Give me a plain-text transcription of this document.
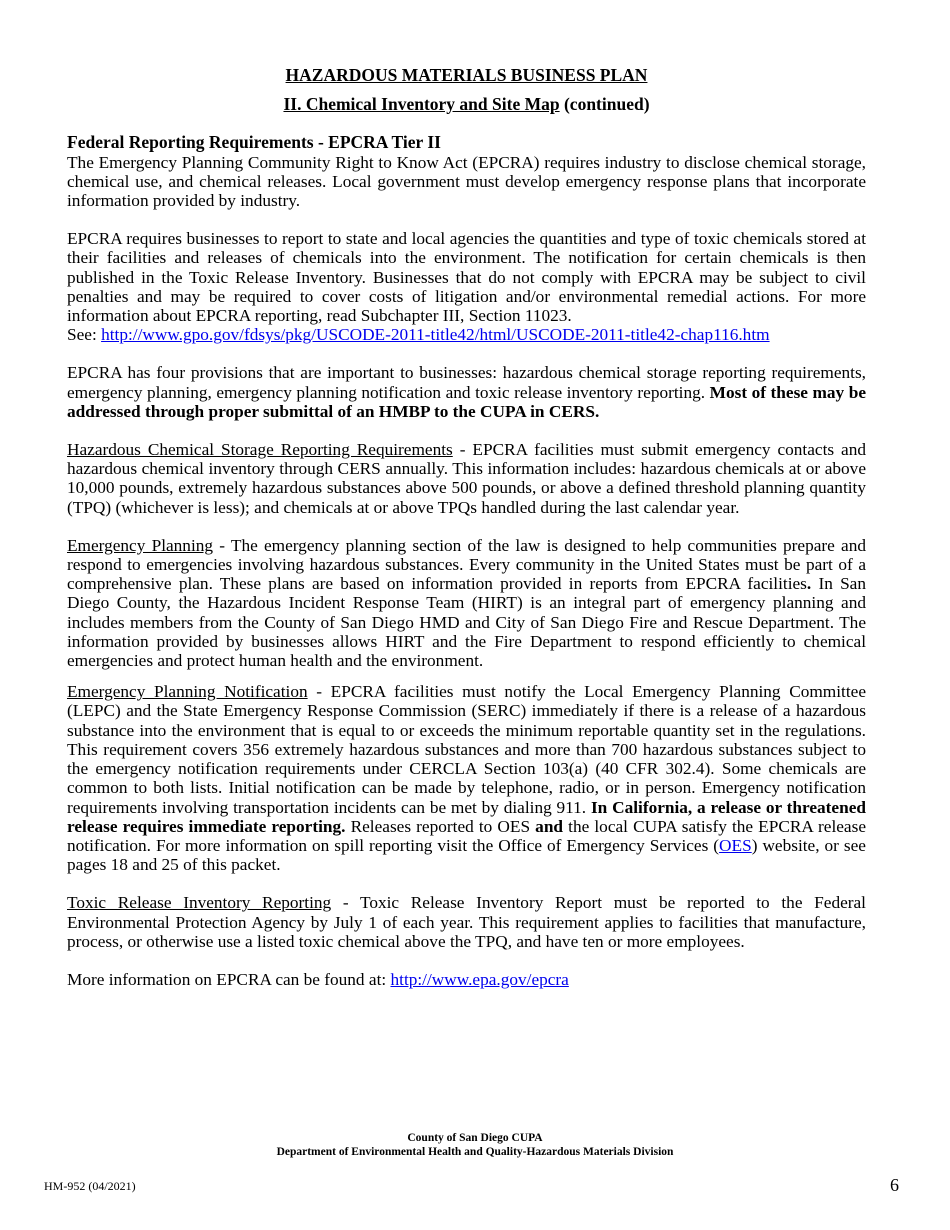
HAZARDOUS MATERIALS BUSINESS PLAN

II. Chemical Inventory and Site Map (continued)

Federal Reporting Requirements - EPCRA Tier II

The Emergency Planning Community Right to Know Act (EPCRA) requires industry to disclose chemical storage, chemical use, and chemical releases. Local government must develop emergency response plans that incorporate information provided by industry.

EPCRA requires businesses to report to state and local agencies the quantities and type of toxic chemicals stored at their facilities and releases of chemicals into the environment. The notification for certain chemicals is then published in the Toxic Release Inventory. Businesses that do not comply with EPCRA may be subject to civil penalties and may be required to cover costs of litigation and/or environmental remedial actions. For more information about EPCRA reporting, read Subchapter III, Section 11023.
See: http://www.gpo.gov/fdsys/pkg/USCODE-2011-title42/html/USCODE-2011-title42-chap116.htm

EPCRA has four provisions that are important to businesses: hazardous chemical storage reporting requirements, emergency planning, emergency planning notification and toxic release inventory reporting. Most of these may be addressed through proper submittal of an HMBP to the CUPA in CERS.

Hazardous Chemical Storage Reporting Requirements - EPCRA facilities must submit emergency contacts and hazardous chemical inventory through CERS annually. This information includes: hazardous chemicals at or above 10,000 pounds, extremely hazardous substances above 500 pounds, or above a defined threshold planning quantity (TPQ) (whichever is less); and chemicals at or above TPQs handled during the last calendar year.

Emergency Planning - The emergency planning section of the law is designed to help communities prepare and respond to emergencies involving hazardous substances. Every community in the United States must be part of a comprehensive plan. These plans are based on information provided in reports from EPCRA facilities. In San Diego County, the Hazardous Incident Response Team (HIRT) is an integral part of emergency planning and includes members from the County of San Diego HMD and City of San Diego Fire and Rescue Department. The information provided by businesses allows HIRT and the Fire Department to respond efficiently to chemical emergencies and protect human health and the environment.

Emergency Planning Notification - EPCRA facilities must notify the Local Emergency Planning Committee (LEPC) and the State Emergency Response Commission (SERC) immediately if there is a release of a hazardous substance into the environment that is equal to or exceeds the minimum reportable quantity set in the regulations. This requirement covers 356 extremely hazardous substances and more than 700 hazardous substances subject to the emergency notification requirements under CERCLA Section 103(a) (40 CFR 302.4). Some chemicals are common to both lists. Initial notification can be made by telephone, radio, or in person. Emergency notification requirements involving transportation incidents can be met by dialing 911. In California, a release or threatened release requires immediate reporting. Releases reported to OES and the local CUPA satisfy the EPCRA release notification. For more information on spill reporting visit the Office of Emergency Services (OES) website, or see pages 18 and 25 of this packet.

Toxic Release Inventory Reporting - Toxic Release Inventory Report must be reported to the Federal Environmental Protection Agency by July 1 of each year. This requirement applies to facilities that manufacture, process, or otherwise use a listed toxic chemical above the TPQ, and have ten or more employees.

More information on EPCRA can be found at: http://www.epa.gov/epcra

County of San Diego CUPA
Department of Environmental Health and Quality-Hazardous Materials Division
HM-952 (04/2021)	6
